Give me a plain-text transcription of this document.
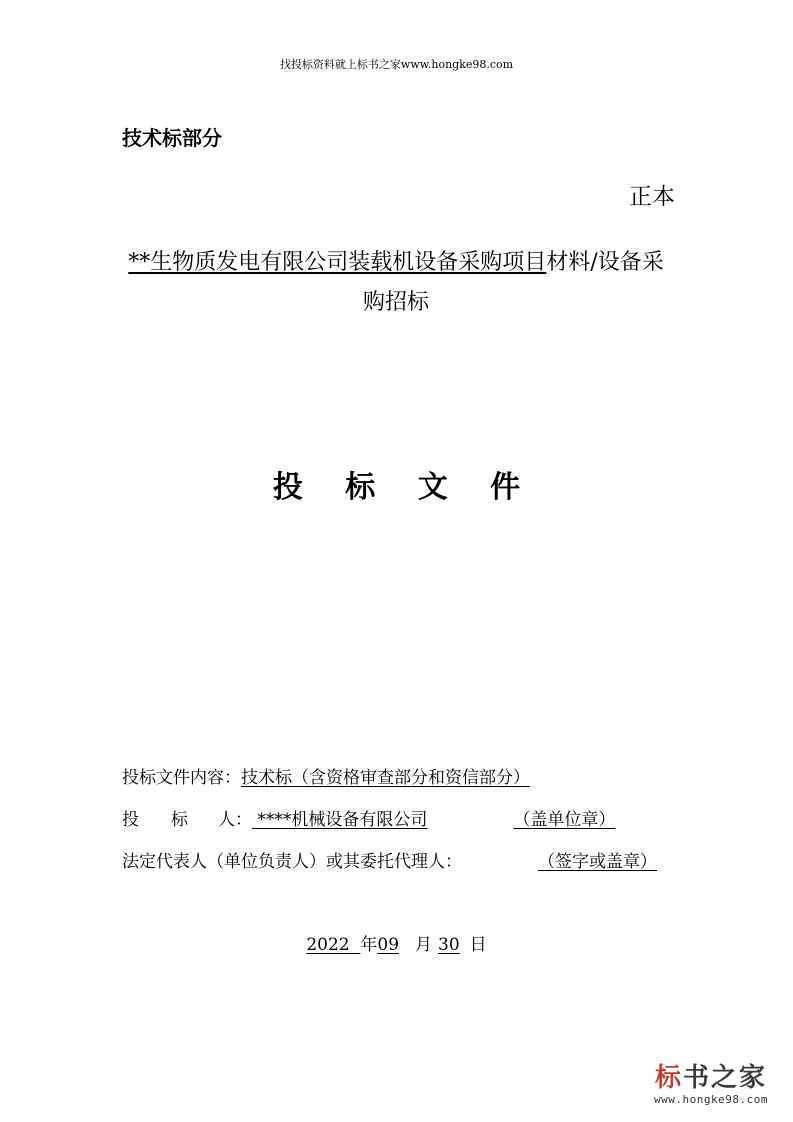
找投标资料就上标书之家www.hongke98.com
技术标部分
正本
**生物质发电有限公司装载机设备采购项目材料/设备采购招标
投 标 文 件
投标文件内容：技术标（含资格审查部分和资信部分）
投 标 人： ****机械设备有限公司	（盖单位章）
法定代表人（单位负责人）或其委托代理人：	（签字或盖章）
2022 年09 月 30 日
标书之家
www.hongke98.com
